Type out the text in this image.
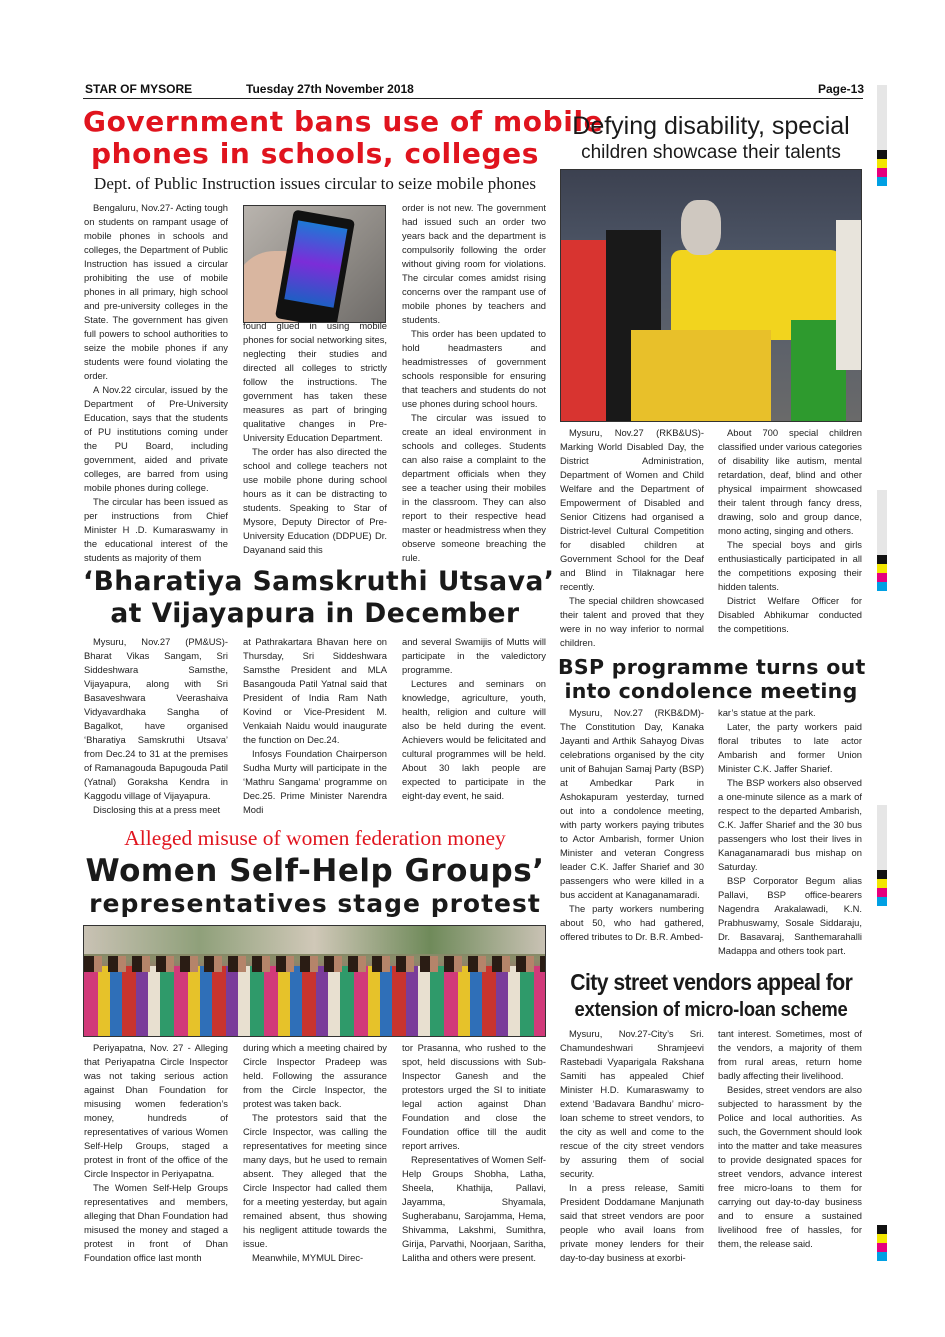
STAR OF MYSORE	Tuesday 27th November 2018	Page-13
Government bans use of mobile
phones in schools, colleges
Dept. of Public Instruction issues circular to seize mobile phones

Bengaluru, Nov.27- Acting tough on students on rampant usage of mobile phones in schools and colleges, the Department of Public Instruction has issued a circular prohibiting the use of mobile phones in all primary, high school and pre-university colleges in the State. The government has given full powers to school authorities to seize the mobile phones if any students were found violating the order.

A Nov.22 circular, issued by the Department of Pre-University Education, says that the students of PU institutions coming under the PU Board, including government, aided and private colleges, are barred from using mobile phones during college.

The circular has been issued as per instructions from Chief Minister H .D. Kumaraswamy in the educational interest of the students as majority of them

found glued in using mobile phones for social networking sites, neglecting their studies and directed all colleges to strictly follow the instructions. The government has taken these measures as part of bringing qualitative changes in Pre-University Education Department.

The order has also directed the school and college teachers not use mobile phone during school hours as it can be distracting to students. Speaking to Star of Mysore, Deputy Director of Pre-University Education (DDPUE) Dr. Dayanand said this

order is not new. The government had issued such an order two years back and the department is compulsorily following the order without giving room for violations. The circular comes amidst rising concerns over the rampant use of mobile phones by teachers and students.

This order has been updated to hold headmasters and headmistresses of government schools responsible for ensuring that teachers and students do not use phones during school hours.

The circular was issued to create an ideal environment in schools and colleges. Students can also raise a complaint to the department officials when they see a teacher using their mobiles in the classroom. They can also report to their respective head master or headmistress when they observe someone breaching the rule.

‘Bharatiya Samskruthi Utsava’
at Vijayapura in December

Mysuru, Nov.27 (PM&US)- Bharat Vikas Sangam, Sri Siddeshwara Samsthe, Vijayapura, along with Sri Basaveshwara Veerashaiva Vidyavardhaka Sangha of Bagalkot, have organised ‘Bharatiya Samskruthi Utsava’ from Dec.24 to 31 at the premises of Ramanagouda Bapugouda Patil (Yatnal) Goraksha Kendra in Kaggodu village of Vijayapura.

Disclosing this at a press meet

at Pathrakartara Bhavan here on Thursday, Sri Siddeshwara Samsthe President and MLA Basangouda Patil Yatnal said that President of India Ram Nath Kovind or Vice-President M. Venkaiah Naidu would inaugurate the function on Dec.24.

Infosys Foundation Chairperson Sudha Murty will participate in the ‘Mathru Sangama’ programme on Dec.25. Prime Minister Narendra Modi

and several Swamijis of Mutts will participate in the valedictory programme.

Lectures and seminars on knowledge, agriculture, youth, health, religion and culture will also be held during the event. Achievers would be felicitated and cultural programmes will be held. About 30 lakh people are expected to participate in the eight-day event, he said.

Alleged misuse of women federation money
Women Self-Help Groups’
representatives stage protest

Periyapatna, Nov. 27 - Alleging that Periyapatna Circle Inspector was not taking serious action against Dhan Foundation for misusing women federation’s money, hundreds of representatives of various Women Self-Help Groups, staged a protest in front of the office of the Circle Inspector in Periyapatna.

The Women Self-Help Groups representatives and members, alleging that Dhan Foundation had misused the money and staged a protest in front of Dhan Foundation office last month

during which a meeting chaired by Circle Inspector Pradeep was held. Following the assurance from the Circle Inspector, the protest was taken back.

The protestors said that the Circle Inspector, was calling the representatives for meeting since many days, but he used to remain absent. They alleged that the Circle Inspector had called them for a meeting yesterday, but again remained absent, thus showing his negligent attitude towards the issue.

Meanwhile, MYMUL Direc-

tor Prasanna, who rushed to the spot, held discussions with Sub-Inspector Ganesh and the protestors urged the SI to initiate legal action against Dhan Foundation and close the Foundation office till the audit report arrives.

Representatives of Women Self-Help Groups Shobha, Latha, Sheela, Khathija, Pallavi, Jayamma, Shyamala, Sugherabanu, Sarojamma, Hema, Shivamma, Lakshmi, Sumithra, Girija, Parvathi, Noorjaan, Saritha, Lalitha and others were present.

Defying disability, special
children showcase their talents

Mysuru, Nov.27 (RKB&US)- Marking World Disabled Day, the District Administration, Department of Women and Child Welfare and the Department of Empowerment of Disabled and Senior Citizens had organised a District-level Cultural Competition for disabled children at Government School for the Deaf and Blind in Tilaknagar here recently.

The special children showcased their talent and proved that they were in no way inferior to normal children.

About 700 special children classified under various categories of disability like autism, mental retardation, deaf, blind and other physical impairment showcased their talent through fancy dress, drawing, solo and group dance, mono acting, singing and others.

The special boys and girls enthusiastically participated in all the competitions exposing their hidden talents.

District Welfare Officer for Disabled Abhikumar conducted the competitions.

BSP programme turns out
into condolence meeting

Mysuru, Nov.27 (RKB&DM)- The Constitution Day, Kanaka Jayanti and Arthik Sahayog Divas celebrations organised by the city unit of Bahujan Samaj Party (BSP) at Ambedkar Park in Ashokapuram yesterday, turned out into a condolence meeting, with party workers paying tributes to Actor Ambarish, former Union Minister and veteran Congress leader C.K. Jaffer Sharief and 30 passengers who were killed in a bus accident at Kanaganamaradi.

The party workers numbering about 50, who had gathered, offered tributes to Dr. B.R. Ambed-

kar’s statue at the park.

Later, the party workers paid floral tributes to late actor Ambarish and former Union Minister C.K. Jaffer Sharief.

The BSP workers also observed a one-minute silence as a mark of respect to the departed Ambarish, C.K. Jaffer Sharief and the 30 bus passengers who lost their lives in Kanaganamaradi bus mishap on Saturday.

BSP Corporator Begum alias Pallavi, BSP office-bearers Nagendra Arakalawadi, K.N. Prabhuswamy, Sosale Siddaraju, Dr. Basavaraj, Santhemarahalli Madappa and others took part.

City street vendors appeal for
extension of micro-loan scheme

Mysuru, Nov.27-City’s Sri. Chamundeshwari Shramjeevi Rastebadi Vyaparigala Rakshana Samiti has appealed Chief Minister H.D. Kumaraswamy to extend ‘Badavara Bandhu’ micro-loan scheme to street vendors, to the city as well and come to the rescue of the city street vendors by assuring them of social security.

In a press release, Samiti President Doddamane Manjunath said that street vendors are poor people who avail loans from private money lenders for their day-to-day business at exorbi-

tant interest. Sometimes, most of the vendors, a majority of them from rural areas, return home badly affecting their livelihood.

Besides, street vendors are also subjected to harassment by the Police and local authorities. As such, the Government should look into the matter and take measures to provide designated spaces for street vendors, advance interest free micro-loans to them for carrying out day-to-day business and to ensure a sustained livelihood free of hassles, for them, the release said.
